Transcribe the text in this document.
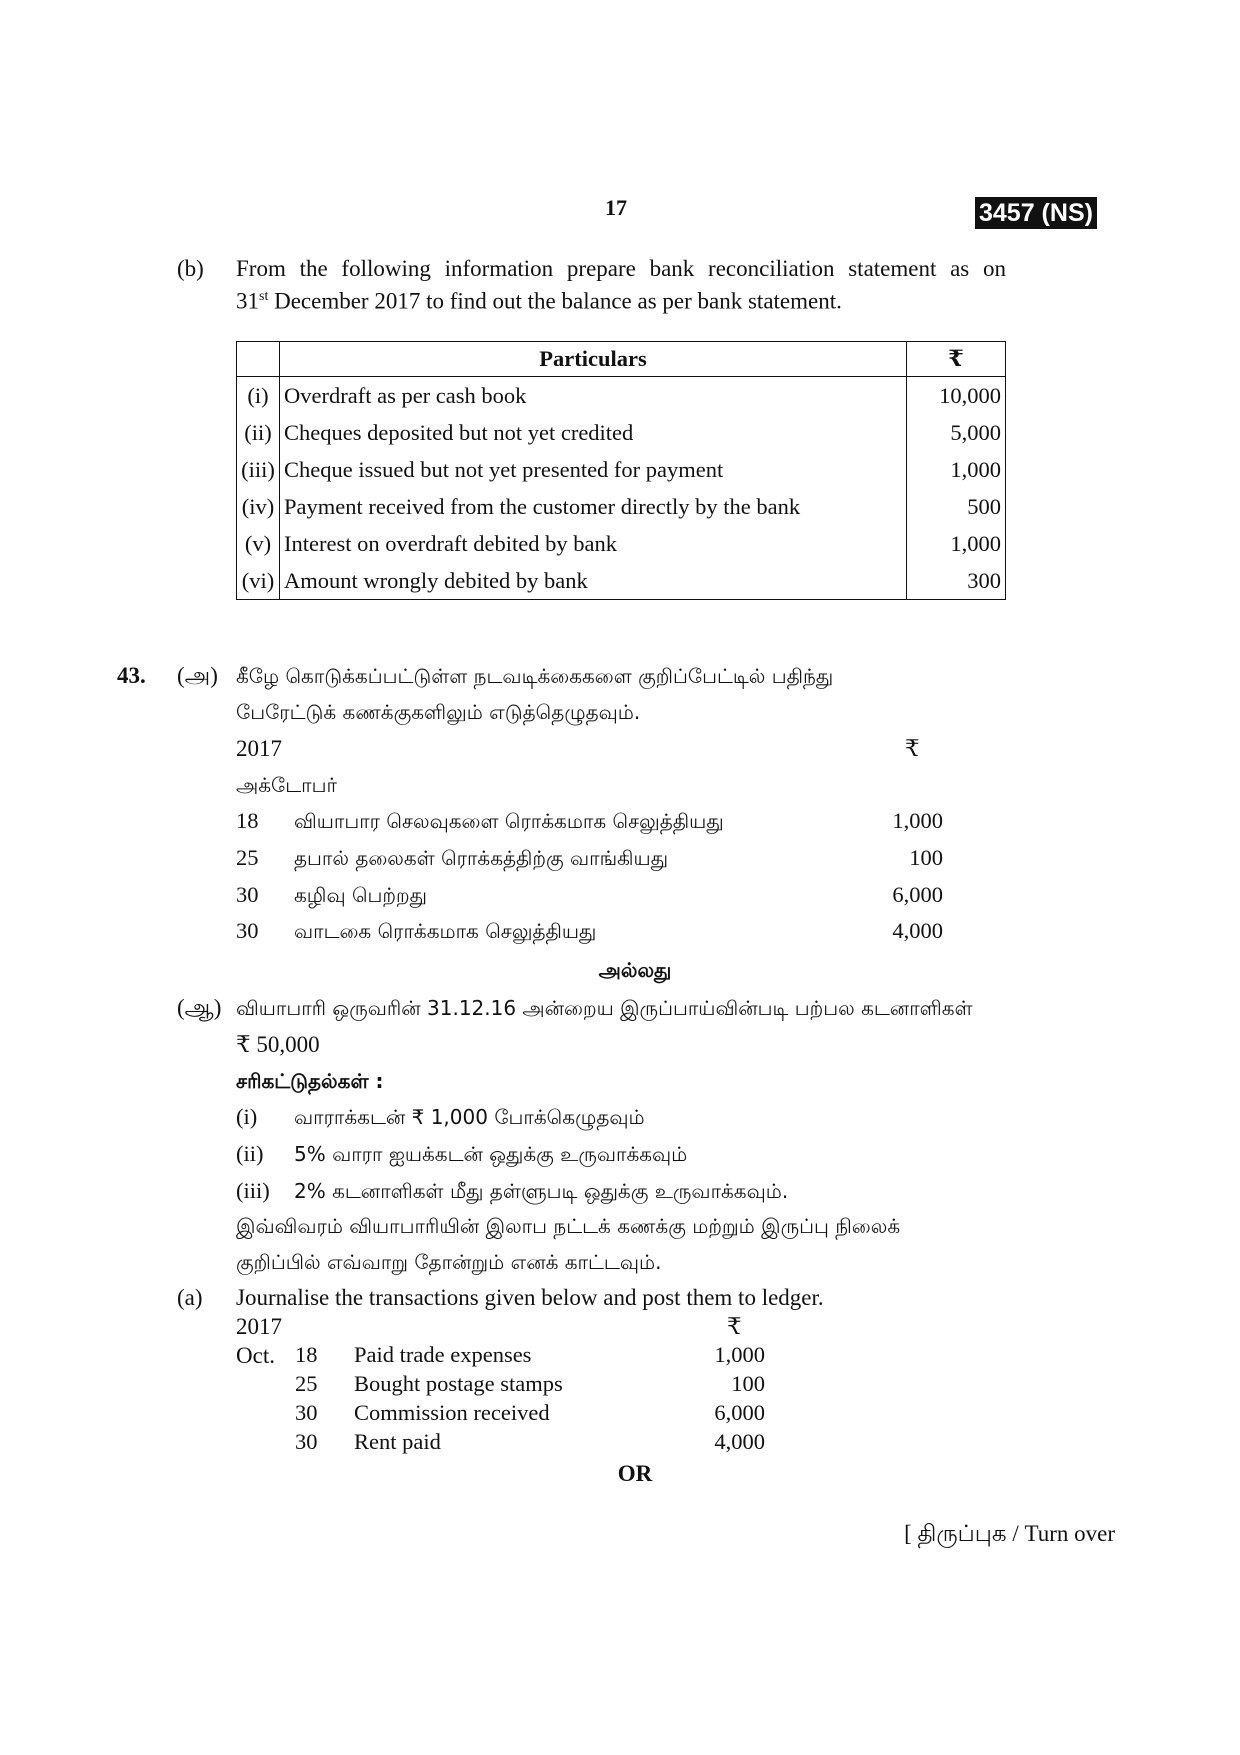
17	3457 (NS)
(b) From the following information prepare bank reconciliation statement as on
31st December 2017 to find out the balance as per bank statement.
	Particulars	₹
(i)	Overdraft as per cash book	10,000
(ii)	Cheques deposited but not yet credited	5,000
(iii)	Cheque issued but not yet presented for payment	1,000
(iv)	Payment received from the customer directly by the bank	500
(v)	Interest on overdraft debited by bank	1,000
(vi)	Amount wrongly debited by bank	300
43. (அ) கீழே கொடுக்கப்பட்டுள்ள நடவடிக்கைகளை குறிப்பேட்டில் பதிந்து
பேரேட்டுக் கணக்குகளிலும் எடுத்தெழுதவும்.
2017	₹
அக்டோபர்
18 வியாபார செலவுகளை ரொக்கமாக செலுத்தியது	1,000
25 தபால் தலைகள் ரொக்கத்திற்கு வாங்கியது	100
30 கழிவு பெற்றது	6,000
30 வாடகை ரொக்கமாக செலுத்தியது	4,000
அல்லது
(ஆ) வியாபாரி ஒருவரின் 31.12.16 அன்றைய இருப்பாய்வின்படி பற்பல கடனாளிகள்
₹ 50,000
சரிகட்டுதல்கள் :
(i) வாராக்கடன் ₹ 1,000 போக்கெழுதவும்
(ii) 5% வாரா ஐயக்கடன் ஒதுக்கு உருவாக்கவும்
(iii) 2% கடனாளிகள் மீது தள்ளுபடி ஒதுக்கு உருவாக்கவும்.
இவ்விவரம் வியாபாரியின் இலாப நட்டக் கணக்கு மற்றும் இருப்பு நிலைக்
குறிப்பில் எவ்வாறு தோன்றும் எனக் காட்டவும்.
(a) Journalise the transactions given below and post them to ledger.
2017	₹
Oct. 18 Paid trade expenses	1,000
25 Bought postage stamps	100
30 Commission received	6,000
30 Rent paid	4,000
OR
[ திருப்புக / Turn over
